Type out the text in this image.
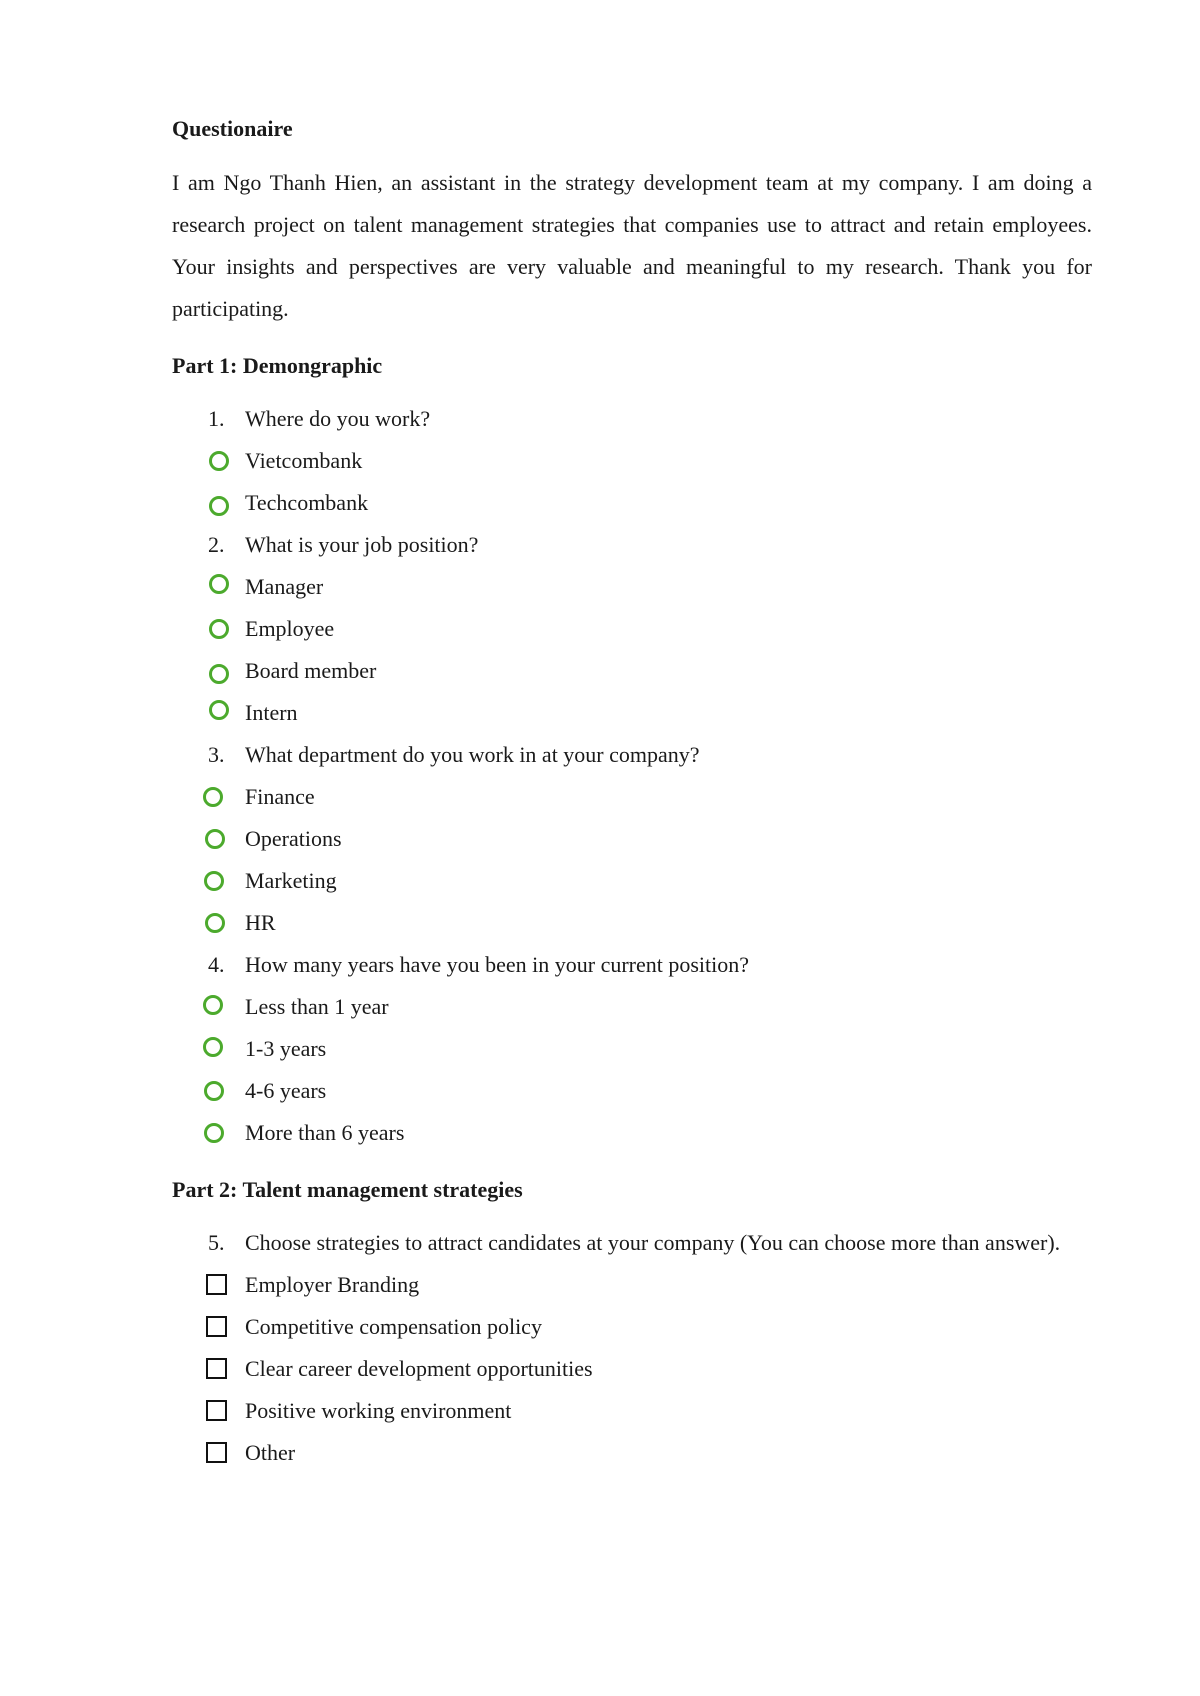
Questionaire
I am Ngo Thanh Hien, an assistant in the strategy development team at my company. I am doing a research project on talent management strategies that companies use to attract and retain employees. Your insights and perspectives are very valuable and meaningful to my research. Thank you for participating.
Part 1: Demongraphic
1. Where do you work?
Vietcombank
Techcombank
2. What is your job position?
Manager
Employee
Board member
Intern
3. What department do you work in at your company?
Finance
Operations
Marketing
HR
4. How many years have you been in your current position?
Less than 1 year
1-3 years
4-6 years
More than 6 years
Part 2: Talent management strategies
5. Choose strategies to attract candidates at your company (You can choose more than answer).
Employer Branding
Competitive compensation policy
Clear career development opportunities
Positive working environment
Other
